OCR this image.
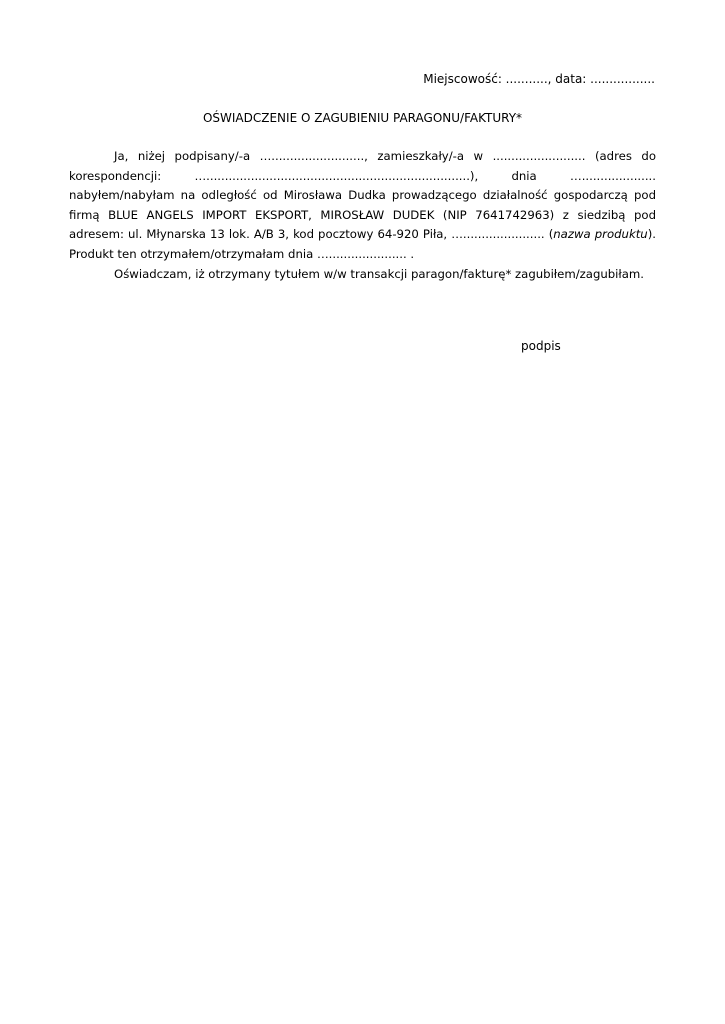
Miejscowość: ..........., data: .................
OŚWIADCZENIE O ZAGUBIENIU PARAGONU/FAKTURY*

Ja, niżej podpisany/-a …........................., zamieszkały/-a w ......................... (adres do korespondencji: ….......................................................................), dnia ….................... nabyłem/nabyłam na odległość od Mirosława Dudka prowadzącego działalność gospodarczą pod firmą BLUE ANGELS IMPORT EKSPORT, MIROSŁAW DUDEK (NIP 7641742963) z siedzibą pod adresem: ul. Młynarska 13 lok. A/B 3, kod pocztowy 64-920 Piła, …...................... (nazwa produktu). Produkt ten otrzymałem/otrzymałam dnia …..................... .

Oświadczam, iż otrzymany tytułem w/w transakcji paragon/fakturę* zagubiłem/zagubiłam.

podpis
